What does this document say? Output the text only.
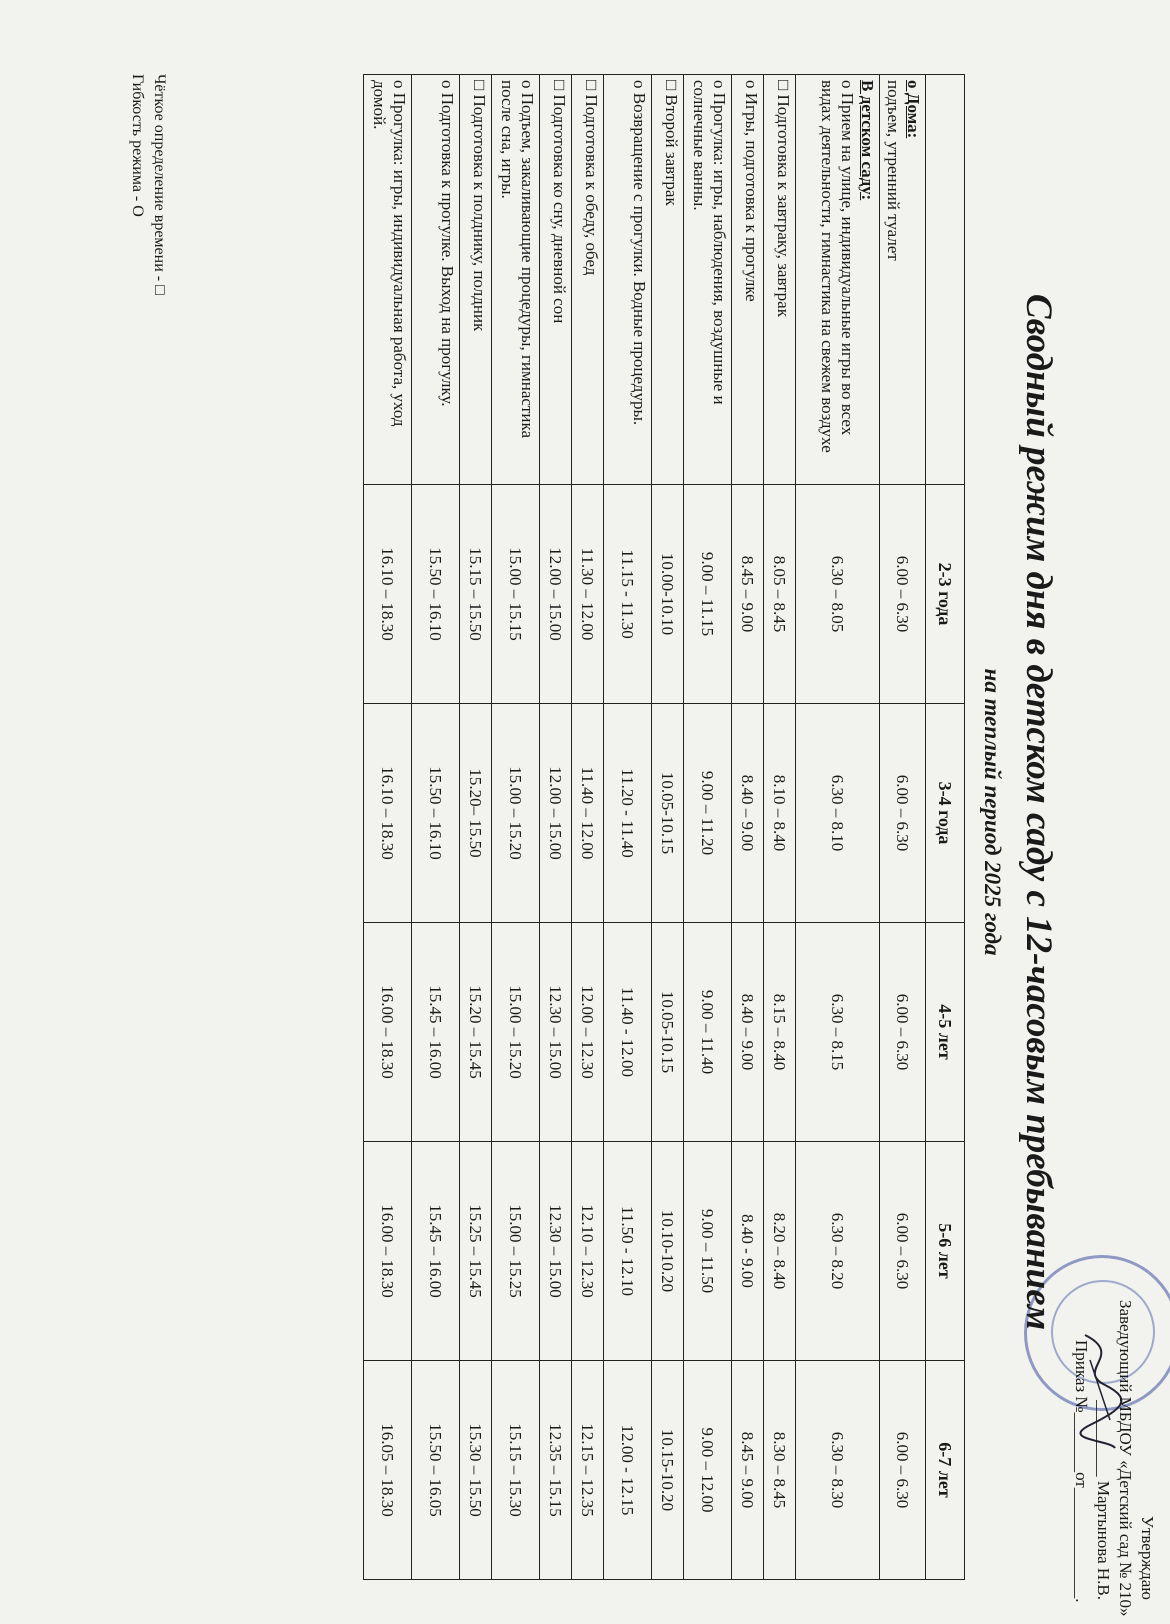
Утверждаю
Заведующий МБДОУ «Детский сад № 210»
_________ Мартынова Н.В.
Приказ №_______от_____________.
Сводный режим дня в детском саду с 12-часовым пребыванием
на теплый период 2025 года
	2-3 года	3-4 года	4-5 лет	5-6 лет	6-7 лет

о Дома:
подъем, утренний туалет	6.00 – 6.30	6.00 – 6.30	6.00 – 6.30	6.00 – 6.30	6.00 – 6.30

В детском саду:
о Прием на улице, индивидуальные игры во всех видах деятельности, гимнастика на свежем воздухе	6.30 – 8.05	6.30 – 8.10	6.30 – 8.15	6.30 – 8.20	6.30 – 8.30

□ Подготовка к завтраку, завтрак	8.05 – 8.45	8.10 – 8.40	8.15 – 8.40	8.20 – 8.40	8.30 – 8.45

о Игры, подготовка к прогулке	8.45 – 9.00	8.40 – 9.00	8.40 – 9.00	8.40 - 9.00	8.45 – 9.00

о Прогулка: игры, наблюдения, воздушные и солнечные ванны.	9.00 – 11.15	9.00 – 11.20	9.00 – 11.40	9.00 – 11.50	9.00 – 12.00

□ Второй завтрак	10.00-10.10	10.05-10.15	10.05-10.15	10.10-10.20	10.15-10.20

о Возвращение с прогулки. Водные процедуры.	11.15 - 11.30	11.20 - 11.40	11.40 - 12.00	11.50 - 12.10	12.00 - 12.15

□ Подготовка к обеду, обед	11.30 – 12.00	11.40 – 12.00	12.00 – 12.30	12.10 – 12.30	12.15 – 12.35

□ Подготовка ко сну, дневной сон	12.00 – 15.00	12.00 – 15.00	12.30 – 15.00	12.30 – 15.00	12.35 – 15.15

о Подъем, закаливающие процедуры, гимнастика после сна, игры.	15.00 – 15.15	15.00 – 15.20	15.00 – 15.20	15.00 – 15.25	15.15 – 15.30

□ Подготовка к полднику, полдник	15.15 – 15.50	15.20– 15.50	15.20 – 15.45	15.25 – 15.45	15.30 – 15.50

о Подготовка к прогулке. Выход на прогулку.	15.50 – 16.10	15.50 – 16.10	15.45 – 16.00	15.45 – 16.00	15.50 – 16.05

о Прогулка: игры, индивидуальная работа, уход домой.	16.10 – 18.30	16.10 – 18.30	16.00 – 18.30	16.00 – 18.30	16.05 – 18.30
Чёткое определение времени - □
Гибкость режима - О
